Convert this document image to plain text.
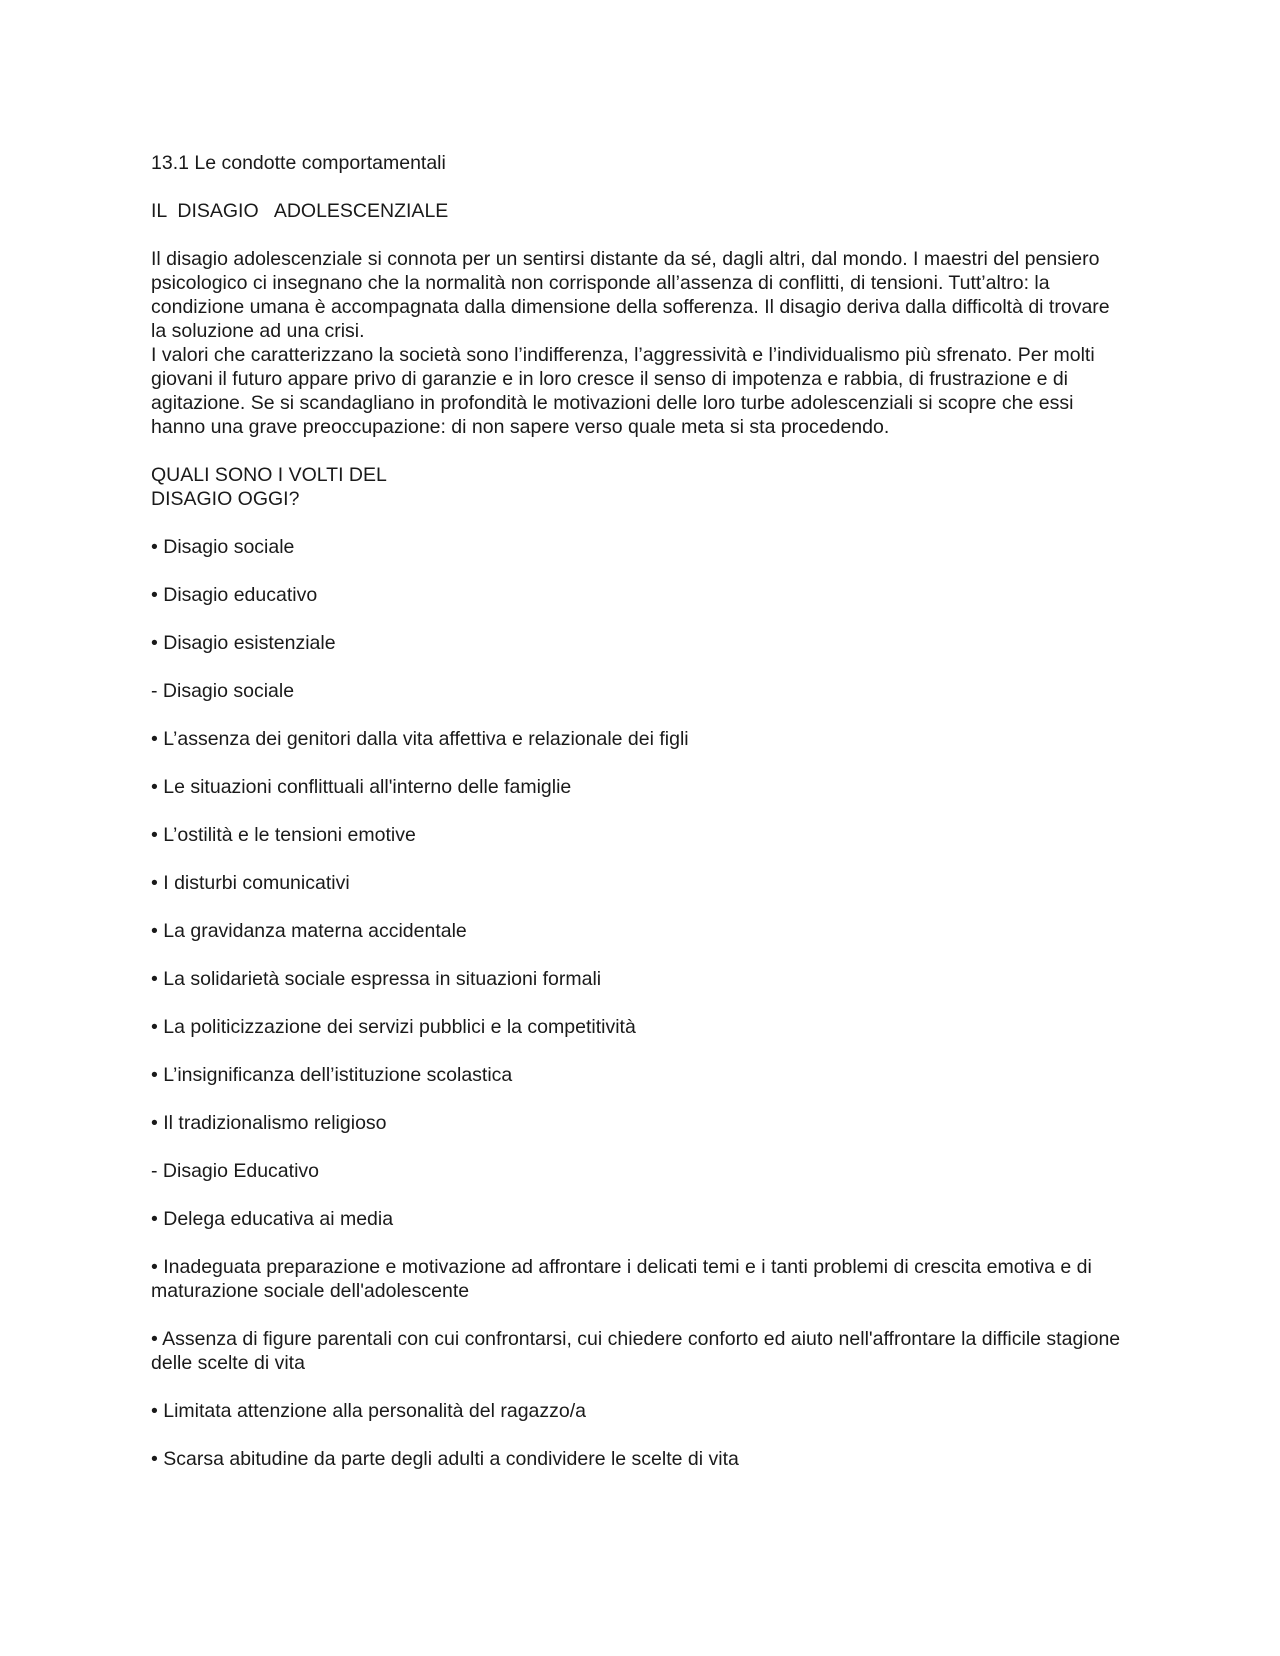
13.1 Le condotte comportamentali
IL  DISAGIO   ADOLESCENZIALE
Il disagio adolescenziale si connota per un sentirsi distante da sé, dagli altri, dal mondo. I maestri del pensiero psicologico ci insegnano che la normalità non corrisponde all’assenza di conflitti, di tensioni. Tutt’altro: la condizione umana è accompagnata dalla dimensione della sofferenza. Il disagio deriva dalla difficoltà di trovare la soluzione ad una crisi.
I valori che caratterizzano la società sono l’indifferenza, l’aggressività e l’individualismo più sfrenato. Per molti giovani il futuro appare privo di garanzie e in loro cresce il senso di impotenza e rabbia, di frustrazione e di agitazione. Se si scandagliano in profondità le motivazioni delle loro turbe adolescenziali si scopre che essi hanno una grave preoccupazione: di non sapere verso quale meta si sta procedendo.
QUALI SONO I VOLTI DEL
DISAGIO OGGI?
• Disagio sociale
• Disagio educativo
• Disagio esistenziale
- Disagio sociale
• L’assenza dei genitori dalla vita affettiva e relazionale dei figli
• Le situazioni conflittuali all'interno delle famiglie
• L’ostilità e le tensioni emotive
• I disturbi comunicativi
• La gravidanza materna accidentale
• La solidarietà sociale espressa in situazioni formali
• La politicizzazione dei servizi pubblici e la competitività
• L’insignificanza dell’istituzione scolastica
• Il tradizionalismo religioso
- Disagio Educativo
• Delega educativa ai media
• Inadeguata preparazione e motivazione ad affrontare i delicati temi e i tanti problemi di crescita emotiva e di maturazione sociale dell'adolescente
• Assenza di figure parentali con cui confrontarsi, cui chiedere conforto ed aiuto nell'affrontare la difficile stagione delle scelte di vita
• Limitata attenzione alla personalità del ragazzo/a
• Scarsa abitudine da parte degli adulti a condividere le scelte di vita
